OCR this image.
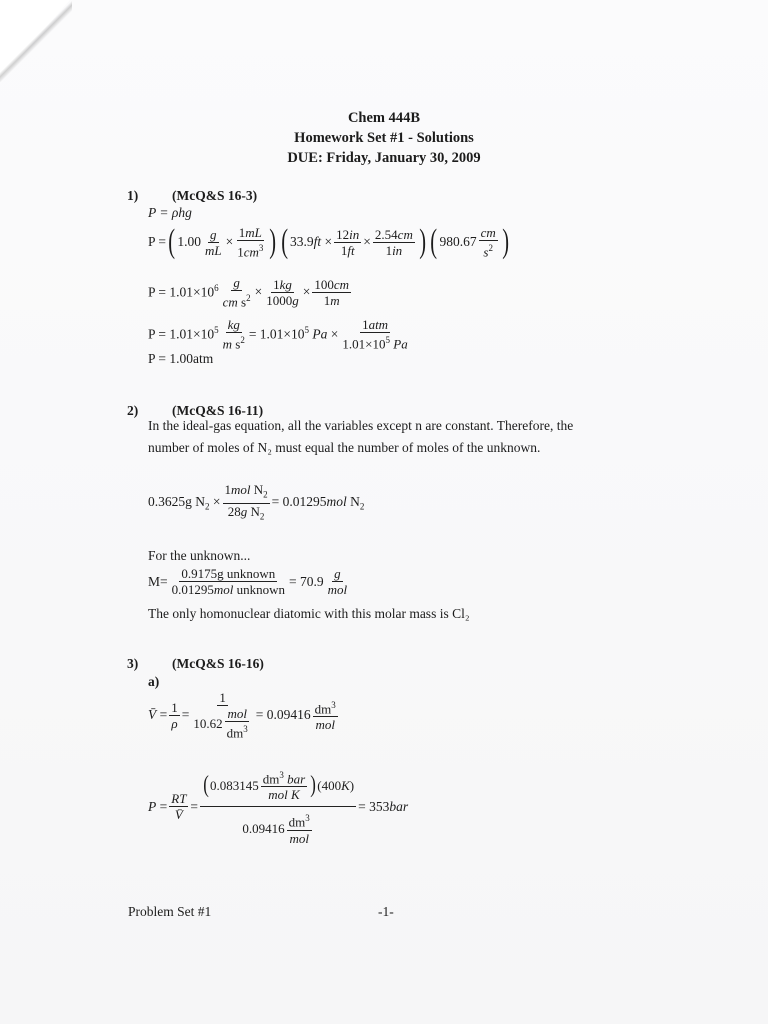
Chem 444B
Homework Set #1 - Solutions
DUE: Friday, January 30, 2009
1)	(McQ&S 16-3)
P = ρhg
P = ( $1.00 \frac{g}{mL} \times \frac{1mL}{1cm^3}$ ) ( $33.9ft \times \frac{12in}{1ft} \times \frac{2.54cm}{1in}$ ) ( $980.67 \frac{cm}{s^2}$ )
$P = 1.01\times 10^6 \frac{g}{cm s^2} \times \frac{1kg}{1000g} \times \frac{100cm}{1m}$
$P = 1.01\times 10^5 \frac{kg}{m s^2} = 1.01\times 10^5$ $Pa \times \frac{\text{1atm}}{1.01\times 10^5 Pa}$
P = 1.00atm
2)	(McQ&S 16-11)
In the ideal-gas equation, all the variables except n are constant. Therefore, the
number of moles of N₂ must equal the number of moles of the unknown.
0.3625g $N_2 \times \frac{1mol N_2}{28g N_2} = 0.01295mol$ $N_2$
For the unknown...
$M= \frac{\text{0.9175g unknown}}{\text{0.01295mol unknown}} = 70.9 \frac{g}{\text{mol}}$
The only homonuclear diatomic with this molar mass is Cl₂
3)	(McQ&S 16-16)
a)
V̄ = $\frac{1}{\rho} = \frac{1}{10.62 \frac{\text{mol}}{dm^3}} = 0.09416 \frac{dm^3}{\text{mol}}$
$P = \frac{RT}{V̄} = \frac{( 0.083145 \frac{dm^3 bar}{\text{mol K}} ) (400 K )}{0.09416 \frac{dm^3}{\text{mol}}} = 353bar$
Problem Set #1	-1-
